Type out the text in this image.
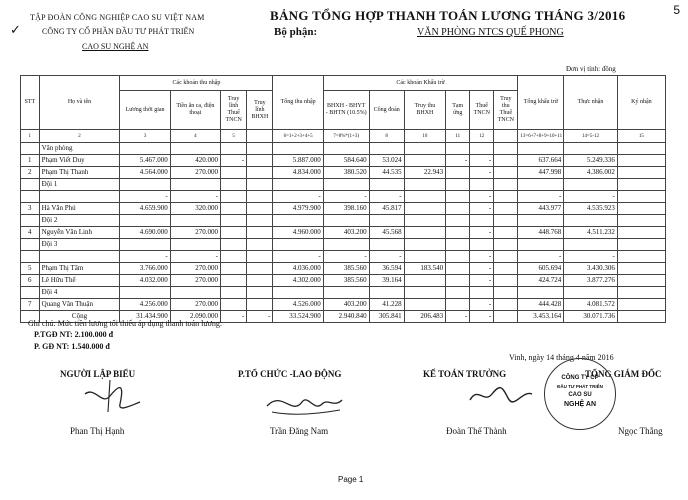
5
✓
TẬP ĐOÀN CÔNG NGHIỆP CAO SU VIỆT NAM
CÔNG TY CỔ PHẦN ĐẦU TƯ PHÁT TRIỂN
CAO SU NGHỆ AN
BẢNG TỔNG HỢP THANH TOÁN LƯƠNG THÁNG 3/2016
Bộ phận:	VĂN PHÒNG NTCS QUẾ PHONG
Đơn vị tính: đồng
STT	Họ và tên	Các khoản thu nhập				Tổng thu nhập	Các khoản Khấu trừ						Tổng khấu trừ	Thực nhận	Ký nhận
		Lương thời gian	Tiền ăn ca, điện thoại	Truy lĩnh Thuế TNCN	Truy lĩnh BHXH		BHXH - BHYT - BHTN (10.5%)	Công đoàn	Truy thu BHXH	Tạm ứng	Thuế TNCN	Truy thu Thuế TNCN			
1	2	3	4	5		6=1+2+3+4+5	7=8%*(1+3)	8	10	11	12		13=6+7+8+9+10+11	14=5-12	15
	Văn phòng														
1	Phạm Viết Duy	5.467.000	420.000	-		5.887.000	584.640	53.024		-	-		637.664	5.249.336	
2	Phạm Thị Thanh	4.564.000	270.000			4.834.000	380.520	44.535	22.943		-		447.998	4.386.002	
	Đội 1														
		-	-			-	-	-			-		-	-	
3	Hà Văn Phú	4.659.900	320.000			4.979.900	398.160	45.817			-		443.977	4.535.923	
	Đội 2														
4	Nguyễn Văn Linh	4.690.000	270.000			4.960.000	403.200	45.568			-		448.768	4.511.232	
	Đội 3														
		-	-			-	-	-			-		-	-	
5	Phạm Thị Tâm	3.766.000	270.000			4.036.000	385.560	36.594	183.540		-		605.694	3.430.306	
6	Lê Hữu Thể	4.032.000	270.000			4.302.000	385.560	39.164			-		424.724	3.877.276	
	Đội 4														
7	Quang Văn Thuận	4.256.000	270.000			4.526.000	403.200	41.228			-		444.428	4.081.572	
	Cộng	31.434.900	2.090.000	-	-	33.524.900	2.940.840	305.841	206.483	-	-		3.453.164	30.071.736	
Ghi chú: Mức tiền lương tối thiểu áp dụng thanh toán lương:
P.TGĐ NT: 2.100.000 đ
P. GĐ NT: 1.540.000 đ
Vinh, ngày 14 tháng 4 năm 2016
NGƯỜI LẬP BIỂU	P.TỔ CHỨC -LAO ĐỘNG	KẾ TOÁN TRƯỞNG	TỔNG GIÁM ĐỐC
CÔNG TY CP
ĐẦU TƯ PHÁT TRIỂN
CAO SU
NGHỆ AN
Phan Thị Hạnh	Trần Đăng Nam	Đoàn Thế Thành	Ngọc Thắng
Page 1
